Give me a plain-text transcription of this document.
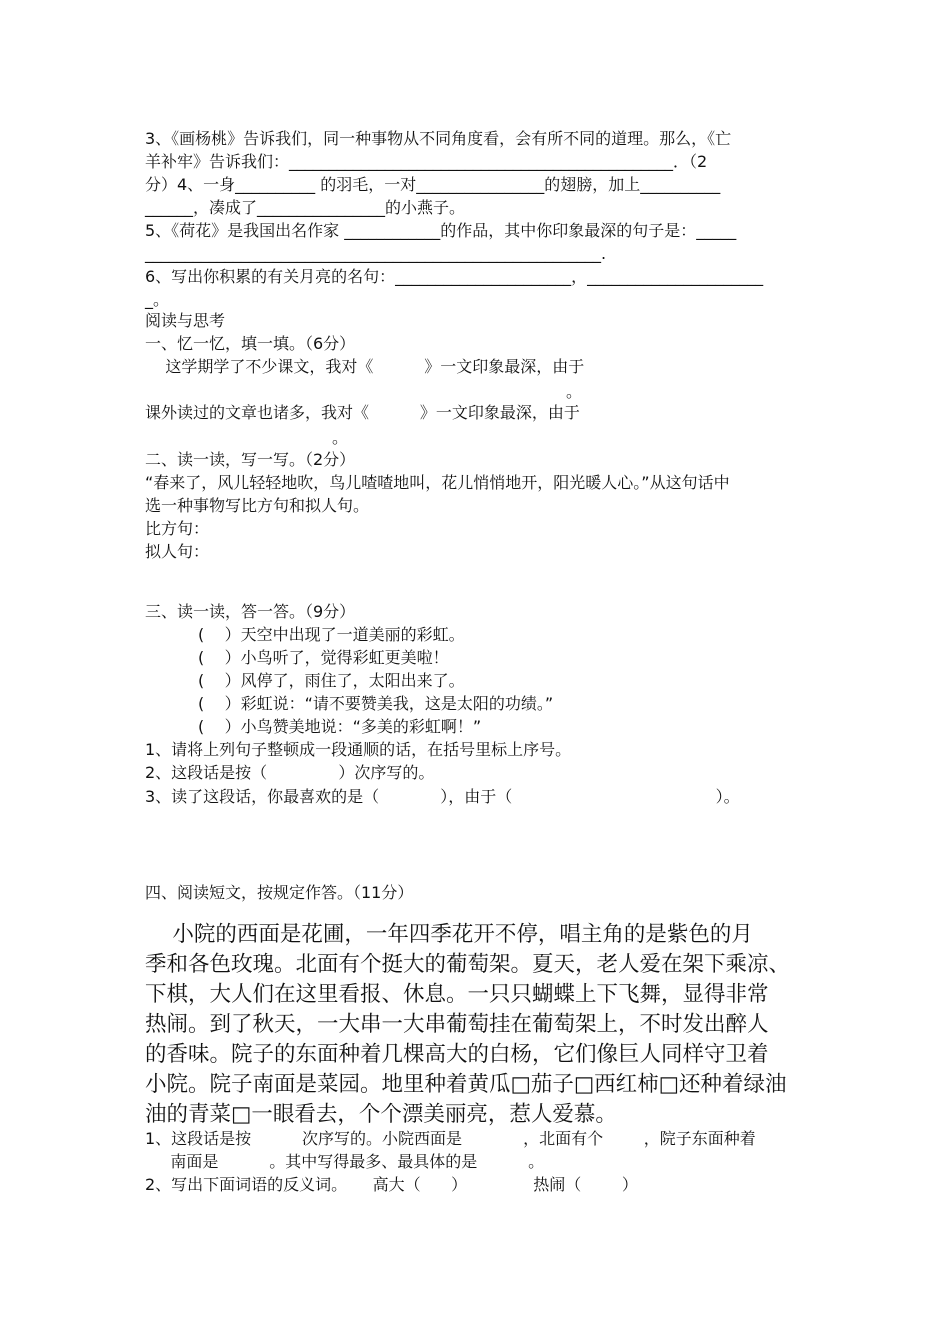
3、《画杨桃》告诉我们，同一种事物从不同角度看，会有所不同的道理。那么，《亡
羊补牢》告诉我们：________________________________________________．（2
分）4、一身__________ 的羽毛，一对________________的翅膀，加上__________
______，凑成了________________的小燕子。
5、《荷花》是我国出名作家 ____________的作品，其中你印象最深的句子是：_____
_________________________________________________________.
6、写出你积累的有关月亮的名句：______________________，______________________
_。
阅读与思考
一、忆一忆，填一填。（6分）
这学期学了不少课文，我对《          》一文印象最深，由于
。
课外读过的文章也诸多，我对《          》一文印象最深，由于
。
二、读一读，写一写。（2分）
“春来了，风儿轻轻地吹，鸟儿喳喳地叫，花儿悄悄地开，阳光暖人心。”从这句话中
选一种事物写比方句和拟人句。
比方句：
拟人句：
三、读一读，答一答。（9分）
(    ）天空中出现了一道美丽的彩虹。
(    ）小鸟听了，觉得彩虹更美啦！
(    ）风停了，雨住了，太阳出来了。
(    ）彩虹说：“请不要赞美我，这是太阳的功绩。”
(    ）小鸟赞美地说：“多美的彩虹啊！”
1、请将上列句子整顿成一段通顺的话，在括号里标上序号。
2、这段话是按（              ）次序写的。
3、读了这段话，你最喜欢的是（            ），由于（                                        ）。
四、阅读短文，按规定作答。（11分）
小院的西面是花圃，一年四季花开不停，唱主角的是紫色的月
季和各色玫瑰。北面有个挺大的葡萄架。夏天，老人爱在架下乘凉、
下棋，大人们在这里看报、休息。一只只蝴蝶上下飞舞，显得非常
热闹。到了秋天，一大串一大串葡萄挂在葡萄架上，不时发出醉人
的香味。院子的东面种着几棵高大的白杨，它们像巨人同样守卫着
小院。院子南面是菜园。地里种着黄瓜□茄子□西红柿□还种着绿油
油的青菜□一眼看去，个个漂美丽亮，惹人爱慕。
1、这段话是按          次序写的。小院西面是            ，北面有个        ，院子东面种着
南面是          。其中写得最多、最具体的是          。
2、写出下面词语的反义词。     高大（      ）             热闹（        ）
